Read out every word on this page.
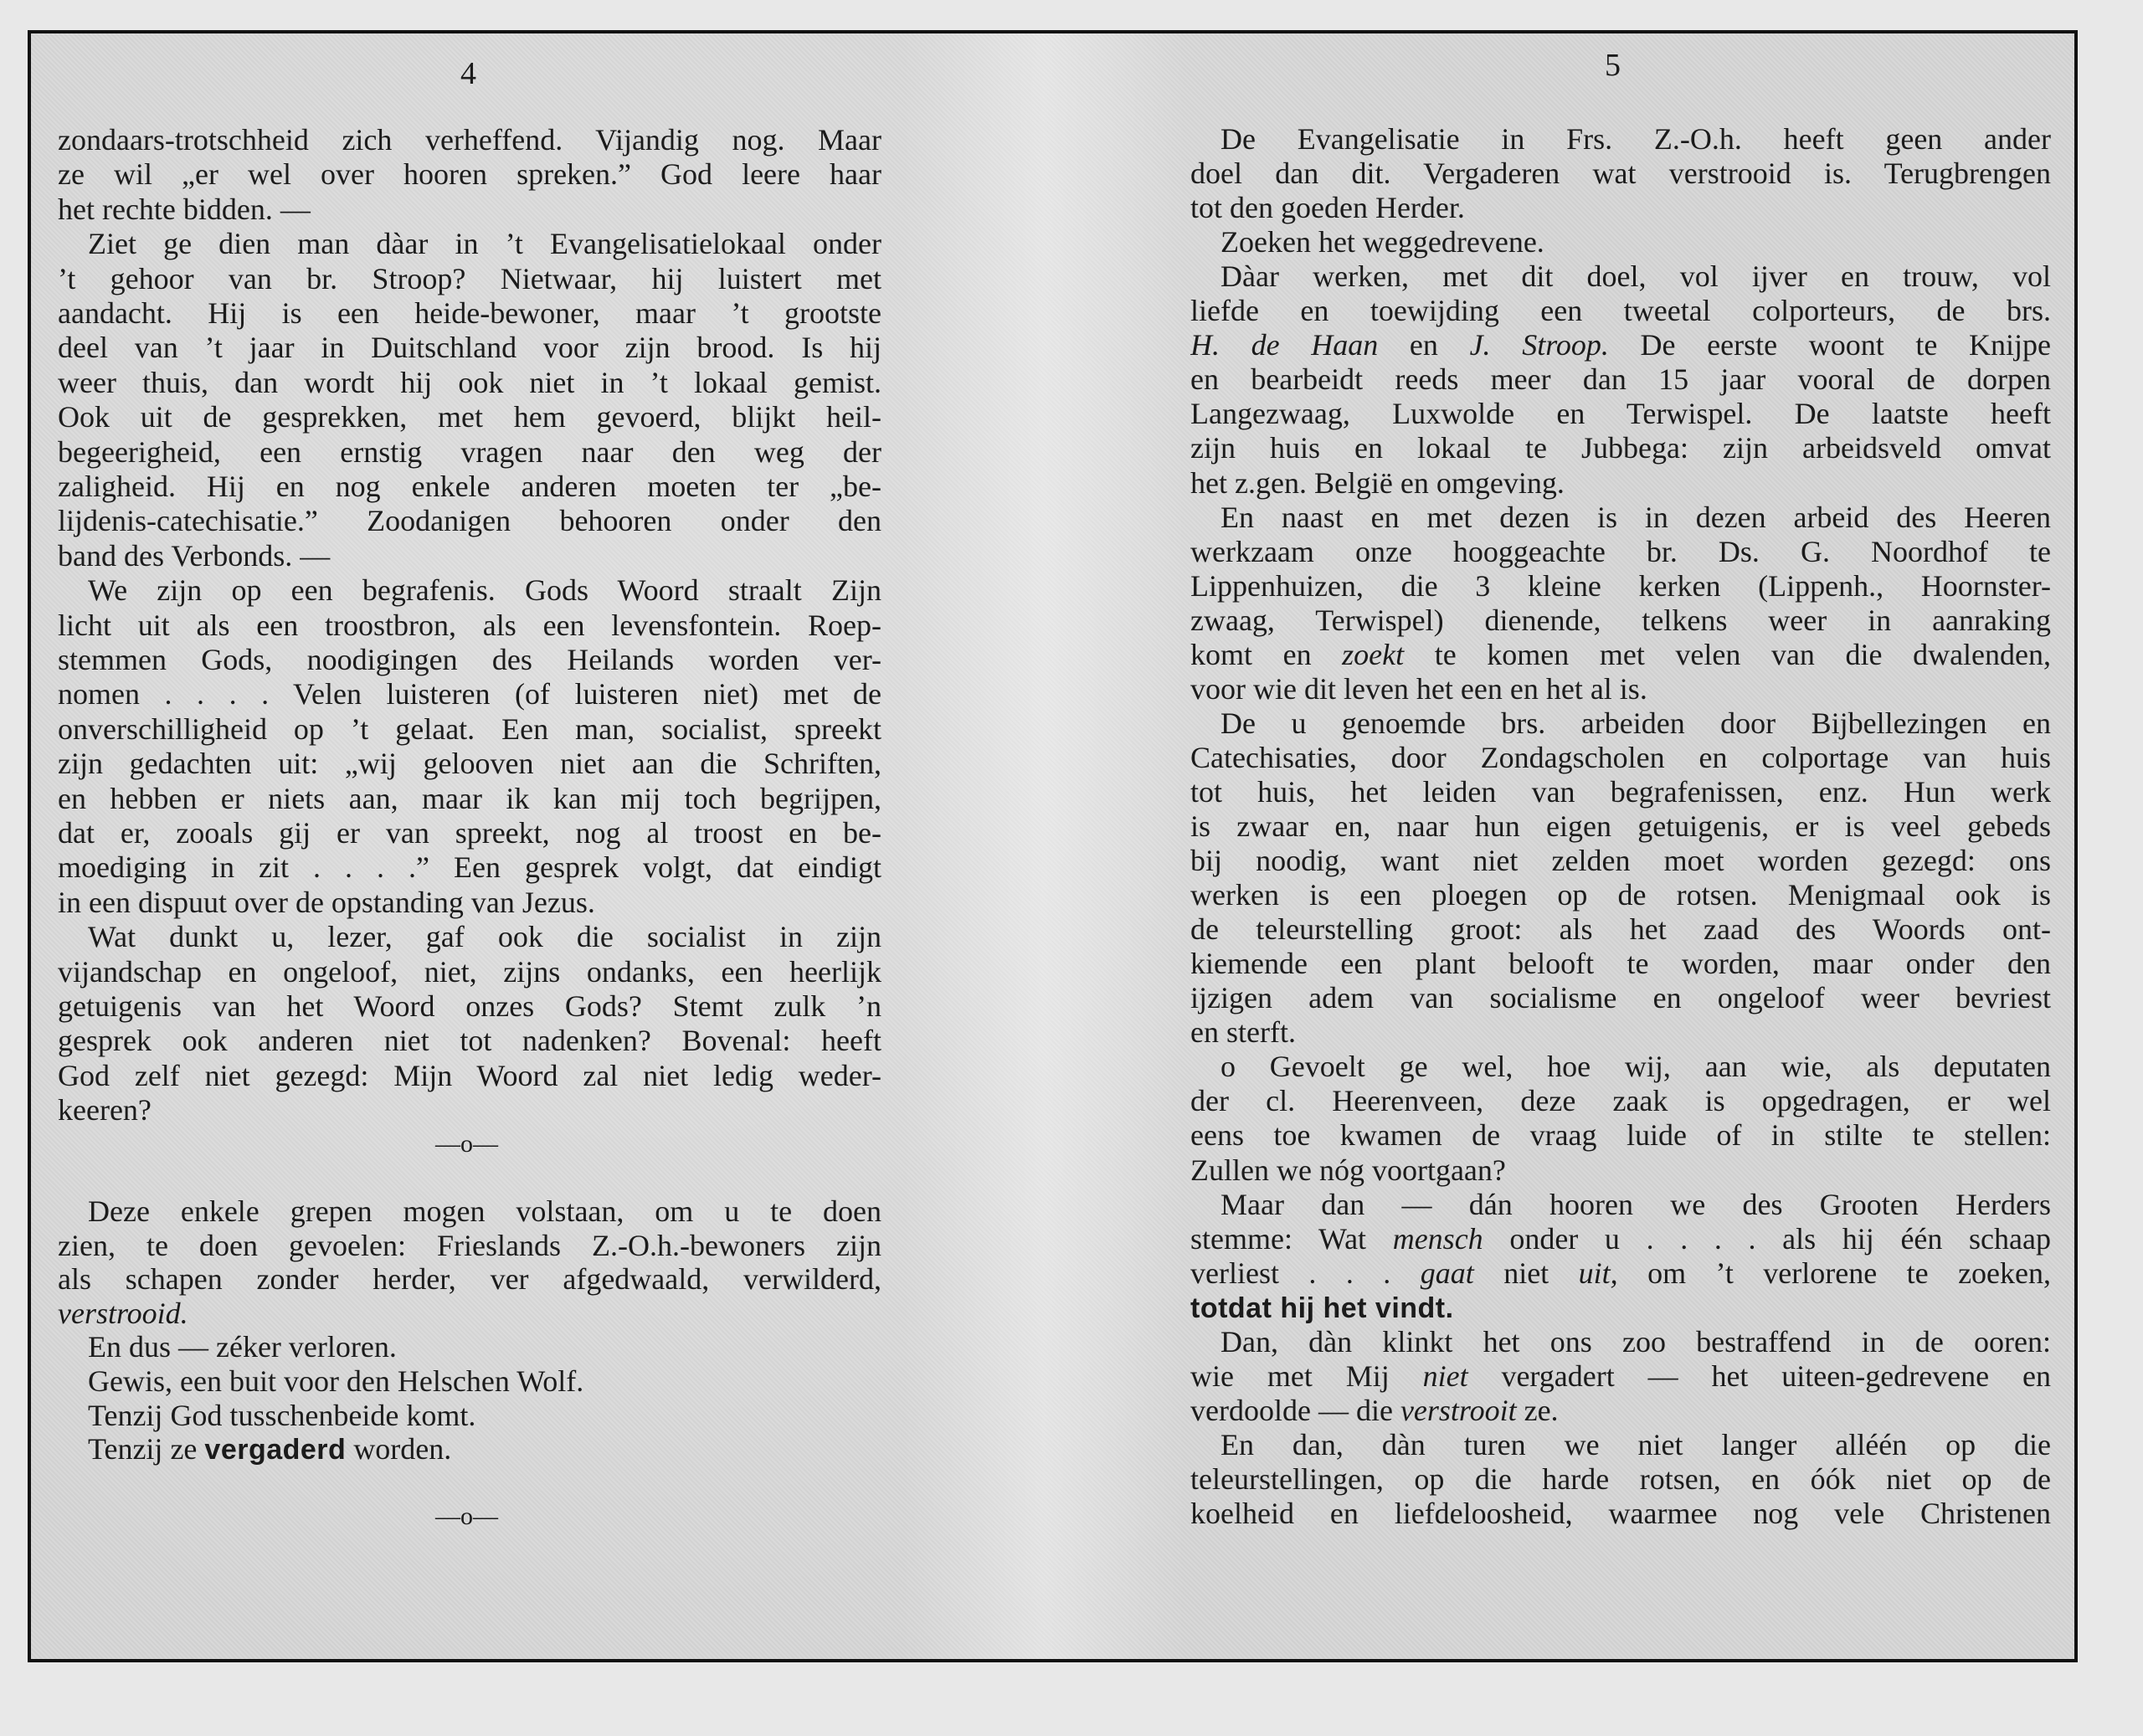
4	5
zondaars-trotschheid zich verheffend. Vijandig nog. Maar
ze wil „er wel over hooren spreken.” God leere haar
het rechte bidden. —
Ziet ge dien man dàar in ’t Evangelisatielokaal onder
’t gehoor van br. Stroop? Nietwaar, hij luistert met
aandacht. Hij is een heide-bewoner, maar ’t grootste
deel van ’t jaar in Duitschland voor zijn brood. Is hij
weer thuis, dan wordt hij ook niet in ’t lokaal gemist.
Ook uit de gesprekken, met hem gevoerd, blijkt heil-
begeerigheid, een ernstig vragen naar den weg der
zaligheid. Hij en nog enkele anderen moeten ter „be-
lijdenis-catechisatie.” Zoodanigen behooren onder den
band des Verbonds. —
We zijn op een begrafenis. Gods Woord straalt Zijn
licht uit als een troostbron, als een levensfontein. Roep-
stemmen Gods, noodigingen des Heilands worden ver-
nomen . . . . Velen luisteren (of luisteren niet) met de
onverschilligheid op ’t gelaat. Een man, socialist, spreekt
zijn gedachten uit: „wij gelooven niet aan die Schriften,
en hebben er niets aan, maar ik kan mij toch begrijpen,
dat er, zooals gij er van spreekt, nog al troost en be-
moediging in zit . . . .” Een gesprek volgt, dat eindigt
in een dispuut over de opstanding van Jezus.
Wat dunkt u, lezer, gaf ook die socialist in zijn
vijandschap en ongeloof, niet, zijns ondanks, een heerlijk
getuigenis van het Woord onzes Gods? Stemt zulk ’n
gesprek ook anderen niet tot nadenken? Bovenal: heeft
God zelf niet gezegd: Mijn Woord zal niet ledig weder-
keeren?
—o—
Deze enkele grepen mogen volstaan, om u te doen
zien, te doen gevoelen: Frieslands Z.-O.h.-bewoners zijn
als schapen zonder herder, ver afgedwaald, verwilderd,
verstrooid.
En dus — zéker verloren.
Gewis, een buit voor den Helschen Wolf.
Tenzij God tusschenbeide komt.
Tenzij ze vergaderd worden.
—o—
De Evangelisatie in Frs. Z.-O.h. heeft geen ander
doel dan dit. Vergaderen wat verstrooid is. Terugbrengen
tot den goeden Herder.
Zoeken het weggedrevene.
Dàar werken, met dit doel, vol ijver en trouw, vol
liefde en toewijding een tweetal colporteurs, de brs.
H. de Haan en J. Stroop. De eerste woont te Knijpe
en bearbeidt reeds meer dan 15 jaar vooral de dorpen
Langezwaag, Luxwolde en Terwispel. De laatste heeft
zijn huis en lokaal te Jubbega: zijn arbeidsveld omvat
het z.gen. België en omgeving.
En naast en met dezen is in dezen arbeid des Heeren
werkzaam onze hooggeachte br. Ds. G. Noordhof te
Lippenhuizen, die 3 kleine kerken (Lippenh., Hoornster-
zwaag, Terwispel) dienende, telkens weer in aanraking
komt en zoekt te komen met velen van die dwalenden,
voor wie dit leven het een en het al is.
De u genoemde brs. arbeiden door Bijbellezingen en
Catechisaties, door Zondagscholen en colportage van huis
tot huis, het leiden van begrafenissen, enz. Hun werk
is zwaar en, naar hun eigen getuigenis, er is veel gebeds
bij noodig, want niet zelden moet worden gezegd: ons
werken is een ploegen op de rotsen. Menigmaal ook is
de teleurstelling groot: als het zaad des Woords ont-
kiemende een plant belooft te worden, maar onder den
ijzigen adem van socialisme en ongeloof weer bevriest
en sterft.
o Gevoelt ge wel, hoe wij, aan wie, als deputaten
der cl. Heerenveen, deze zaak is opgedragen, er wel
eens toe kwamen de vraag luide of in stilte te stellen:
Zullen we nóg voortgaan?
Maar dan — dán hooren we des Grooten Herders
stemme: Wat mensch onder u . . . . als hij één schaap
verliest . . . gaat niet uit, om ’t verlorene te zoeken,
totdat hij het vindt.
Dan, dàn klinkt het ons zoo bestraffend in de ooren:
wie met Mij niet vergadert — het uiteen-gedrevene en
verdoolde — die verstrooit ze.
En dan, dàn turen we niet langer alléén op die
teleurstellingen, op die harde rotsen, en óók niet op de
koelheid en liefdeloosheid, waarmee nog vele Christenen
